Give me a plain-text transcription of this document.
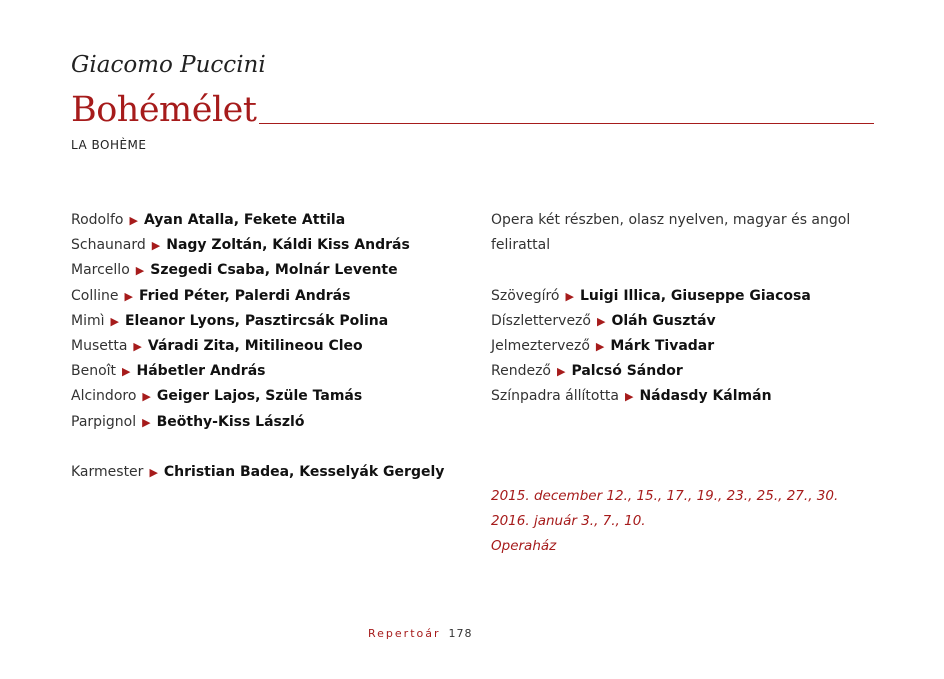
Giacomo Puccini
Bohémélet
LA BOHÈME
Rodolfo ▶ Ayan Atalla, Fekete Attila
Schaunard ▶ Nagy Zoltán, Káldi Kiss András
Marcello ▶ Szegedi Csaba, Molnár Levente
Colline ▶ Fried Péter, Palerdi András
Mimì ▶ Eleanor Lyons, Pasztircsák Polina
Musetta ▶ Váradi Zita, Mitilineou Cleo
Benoît ▶ Hábetler András
Alcindoro ▶ Geiger Lajos, Szüle Tamás
Parpignol ▶ Beöthy-Kiss László
Karmester ▶ Christian Badea, Kesselyák Gergely
Opera két részben, olasz nyelven, magyar és angol
felirattal
Szövegíró ▶ Luigi Illica, Giuseppe Giacosa
Díszlettervező ▶ Oláh Gusztáv
Jelmeztervező ▶ Márk Tivadar
Rendező ▶ Palcsó Sándor
Színpadra állította ▶ Nádasdy Kálmán
2015. december 12., 15., 17., 19., 23., 25., 27., 30.
2016. január 3., 7., 10.
Operaház
Repertoár 178
